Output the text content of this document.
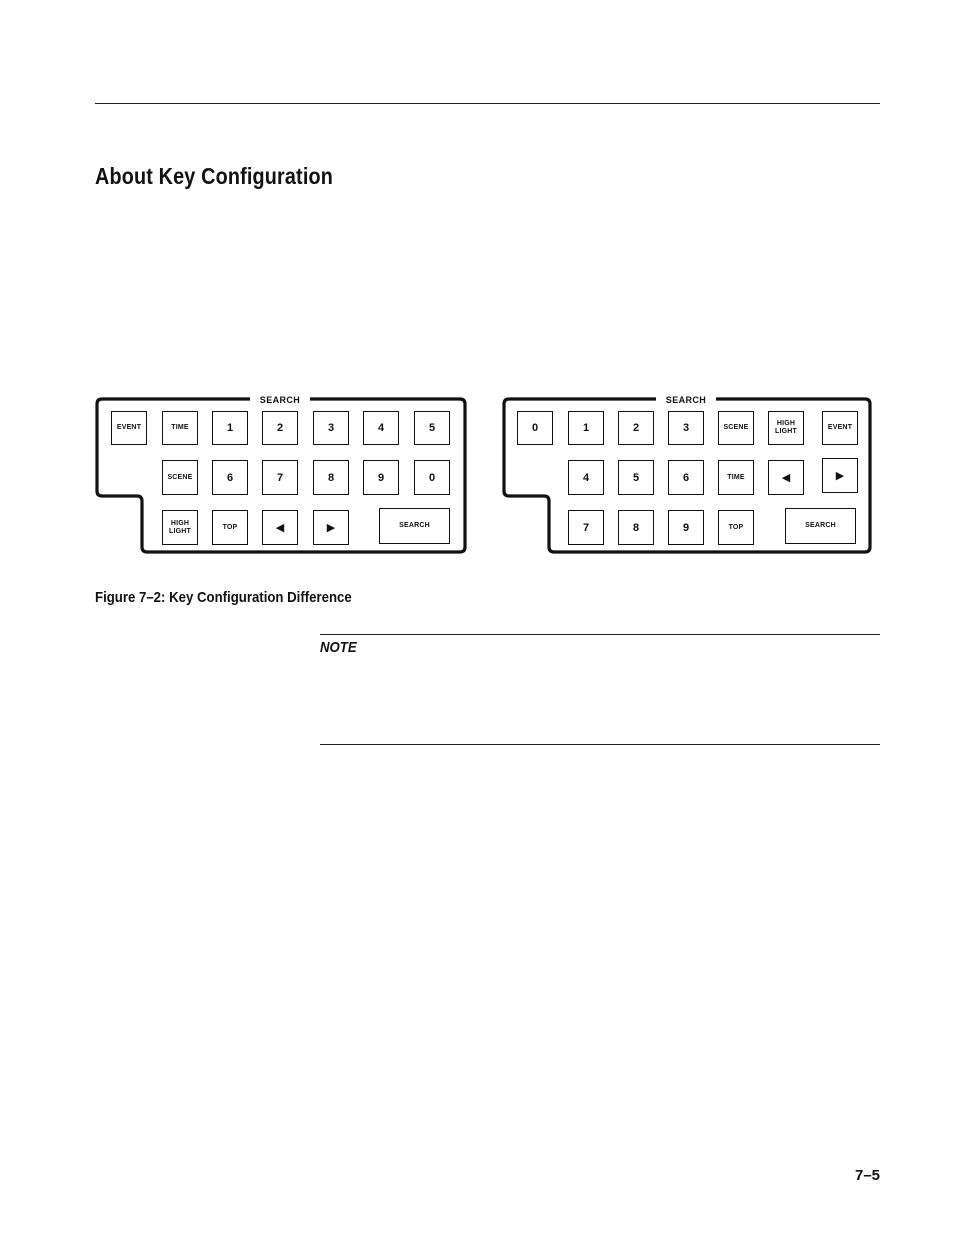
About Key Configuration
SEARCH
EVENT	TIME	1	2	3	4	5
SCENE	6	7	8	9	0
HIGH
LIGHT
TOP	◀	▶	SEARCH
SEARCH
0	1	2	3	SCENE
HIGH
LIGHT
EVENT
4	5	6	TIME	◀	▶
7	8	9	TOP	SEARCH
Figure 7–2: Key Configuration Difference
NOTE
7–5
